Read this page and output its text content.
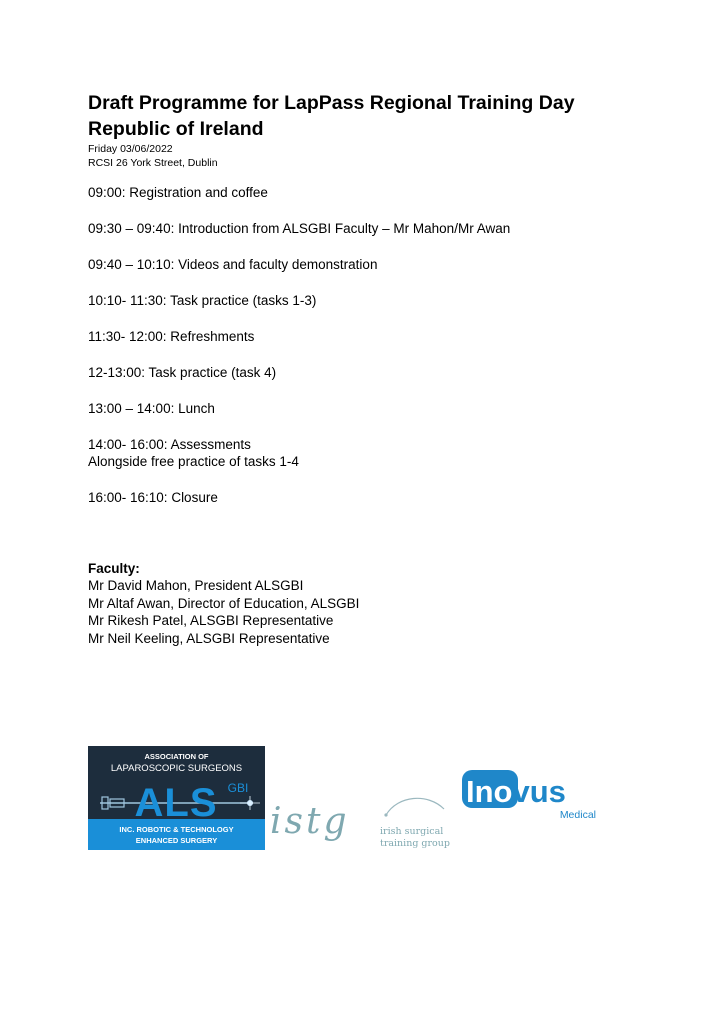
Draft Programme for LapPass Regional Training Day
Republic of Ireland
Friday 03/06/2022
RCSI 26 York Street, Dublin
09:00: Registration and coffee
09:30 – 09:40: Introduction from ALSGBI Faculty – Mr Mahon/Mr Awan
09:40 – 10:10: Videos and faculty demonstration
10:10- 11:30: Task practice (tasks 1-3)
11:30- 12:00: Refreshments
12-13:00: Task practice (task 4)
13:00 – 14:00: Lunch
14:00- 16:00: Assessments
Alongside free practice of tasks 1-4
16:00- 16:10: Closure
Faculty:
Mr David Mahon, President ALSGBI
Mr Altaf Awan, Director of Education, ALSGBI
Mr Rikesh Patel, ALSGBI Representative
Mr Neil Keeling, ALSGBI Representative
ASSOCIATION OF
LAPAROSCOPIC SURGEONS
ALS GBI
INC. ROBOTIC & TECHNOLOGY
ENHANCED SURGERY istg	irish surgical
training group
Inovus
Medical
